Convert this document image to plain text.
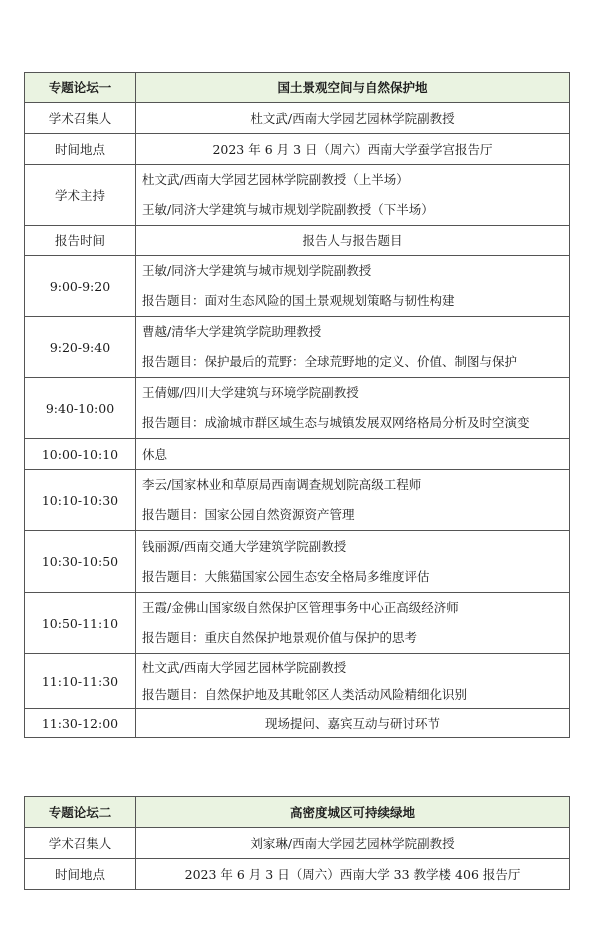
专题论坛一	国土景观空间与自然保护地
学术召集人	杜文武/西南大学园艺园林学院副教授
时间地点	2023 年 6 月 3 日（周六）西南大学蚕学宫报告厅
学术主持	杜文武/西南大学园艺园林学院副教授（上半场）
王敏/同济大学建筑与城市规划学院副教授（下半场）

报告时间	报告人与报告题目
9:00-9:20	王敏/同济大学建筑与城市规划学院副教授
报告题目：面对生态风险的国土景观规划策略与韧性构建

9:20-9:40	曹越/清华大学建筑学院助理教授
报告题目：保护最后的荒野：全球荒野地的定义、价值、制图与保护

9:40-10:00	王倩娜/四川大学建筑与环境学院副教授
报告题目：成渝城市群区域生态与城镇发展双网络格局分析及时空演变

10:00-10:10	休息
10:10-10:30	李云/国家林业和草原局西南调查规划院高级工程师
报告题目：国家公园自然资源资产管理

10:30-10:50	钱丽源/西南交通大学建筑学院副教授
报告题目：大熊猫国家公园生态安全格局多维度评估

10:50-11:10	王霞/金佛山国家级自然保护区管理事务中心正高级经济师
报告题目：重庆自然保护地景观价值与保护的思考

11:10-11:30	杜文武/西南大学园艺园林学院副教授
报告题目：自然保护地及其毗邻区人类活动风险精细化识别

11:30-12:00	现场提问、嘉宾互动与研讨环节
专题论坛二	高密度城区可持续绿地
学术召集人	刘家琳/西南大学园艺园林学院副教授
时间地点	2023 年 6 月 3 日（周六）西南大学 33 教学楼 406 报告厅
